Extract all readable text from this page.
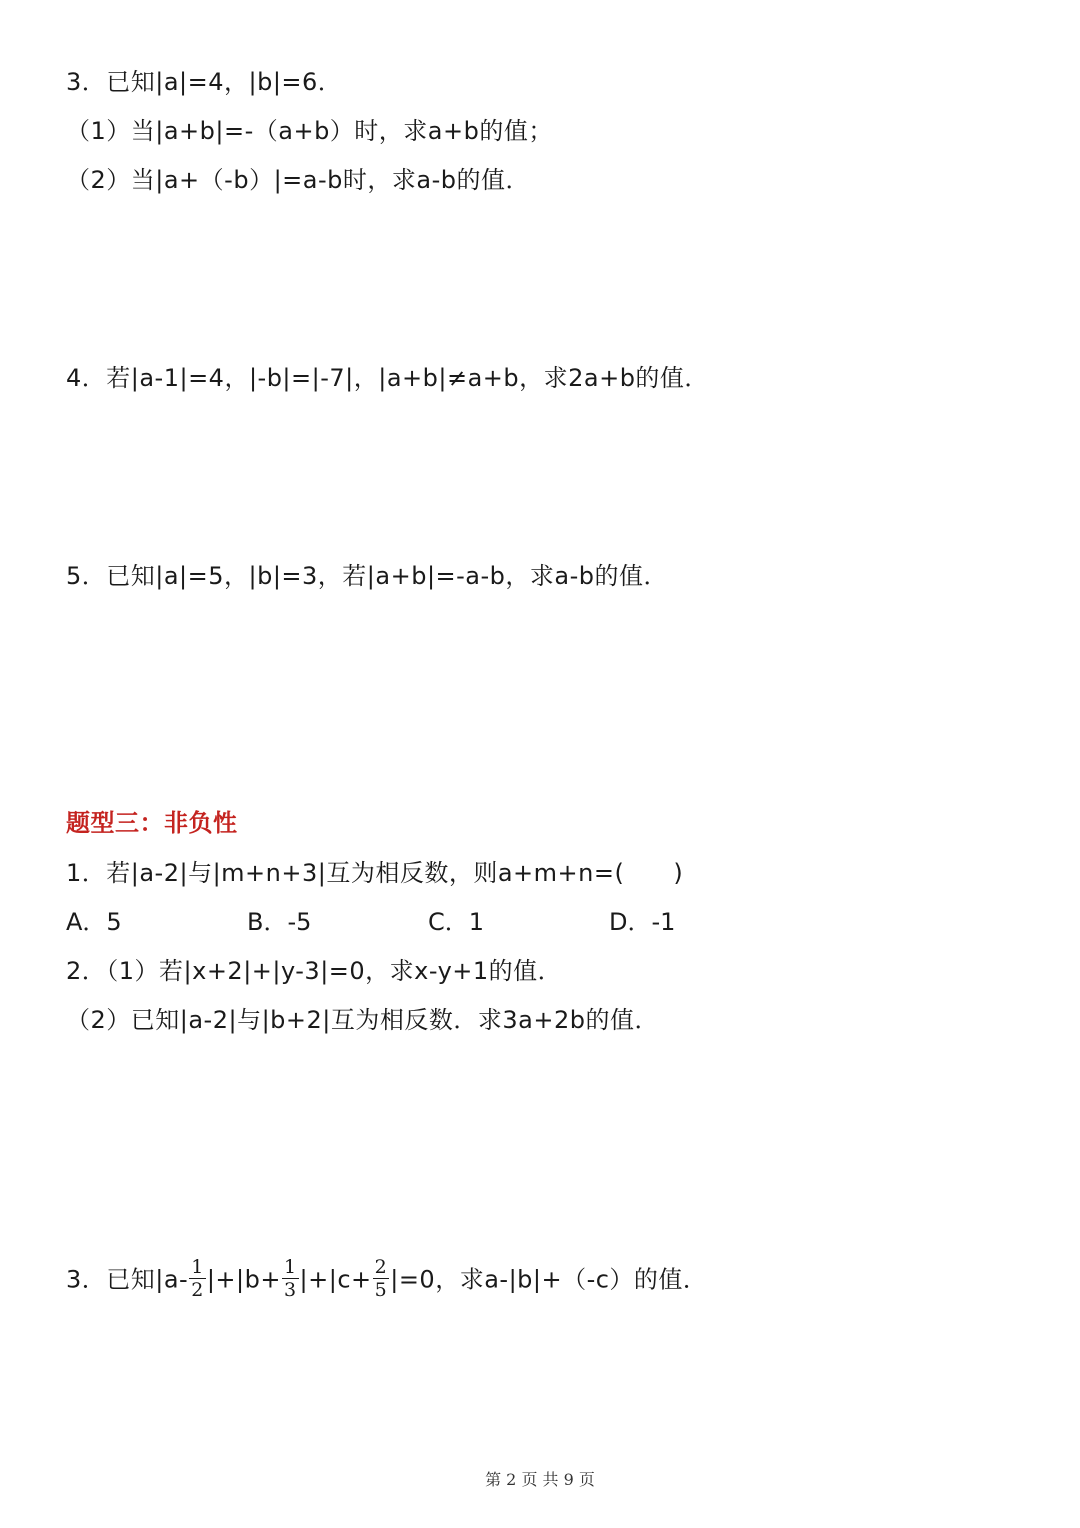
3．已知|a|=4，|b|=6．
（1）当|a+b|=-（a+b）时，求a+b的值；
（2）当|a+（-b）|=a-b时，求a-b的值．
4．若|a-1|=4，|-b|=|-7|，|a+b|≠a+b，求2a+b的值．
5．已知|a|=5，|b|=3，若|a+b|=-a-b，求a-b的值．
题型三：非负性
1．若|a-2|与|m+n+3|互为相反数，则a+m+n=(　　)
A．5	B．-5	C．1	D．-1
2．（1）若|x+2|+|y-3|=0，求x-y+1的值．
（2）已知|a-2|与|b+2|互为相反数．求3a+2b的值．
3．已知$|a- \frac{1}{2} |+|b+ \frac{1}{3} |+|c+ \frac{2}{5} |=0$，求a-|b|+（-c）的值．
第 2 页 共 9 页
